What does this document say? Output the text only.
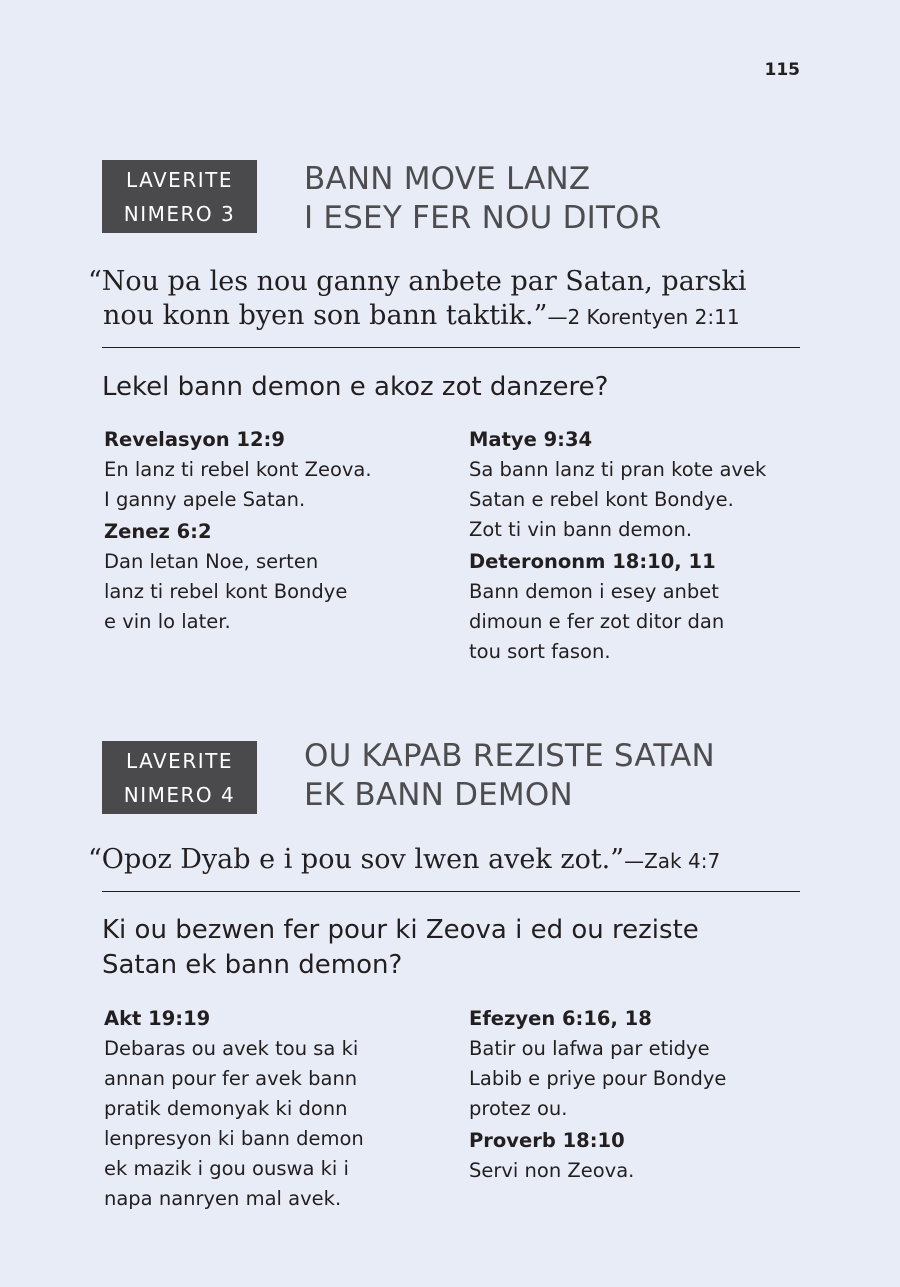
115
LAVERITE
NIMERO 3
BANN MOVE LANZ
I ESEY FER NOU DITOR
“Nou pa les nou ganny anbete par Satan, parski
nou konn byen son bann taktik.”—2 Korentyen 2:11
Lekel bann demon e akoz zot danzere?
Revelasyon 12:9
En lanz ti rebel kont Zeova.
I ganny apele Satan.
Zenez 6:2
Dan letan Noe, serten
lanz ti rebel kont Bondye
e vin lo later.
Matye 9:34
Sa bann lanz ti pran kote avek
Satan e rebel kont Bondye.
Zot ti vin bann demon.
Deterononm 18:10, 11
Bann demon i esey anbet
dimoun e fer zot ditor dan
tou sort fason.
LAVERITE
NIMERO 4
OU KAPAB REZISTE SATAN
EK BANN DEMON
“Opoz Dyab e i pou sov lwen avek zot.”—Zak 4:7
Ki ou bezwen fer pour ki Zeova i ed ou reziste
Satan ek bann demon?
Akt 19:19
Debaras ou avek tou sa ki
annan pour fer avek bann
pratik demonyak ki donn
lenpresyon ki bann demon
ek mazik i gou ouswa ki i
napa nanryen mal avek.
Efezyen 6:16, 18
Batir ou lafwa par etidye
Labib e priye pour Bondye
protez ou.
Proverb 18:10
Servi non Zeova.
